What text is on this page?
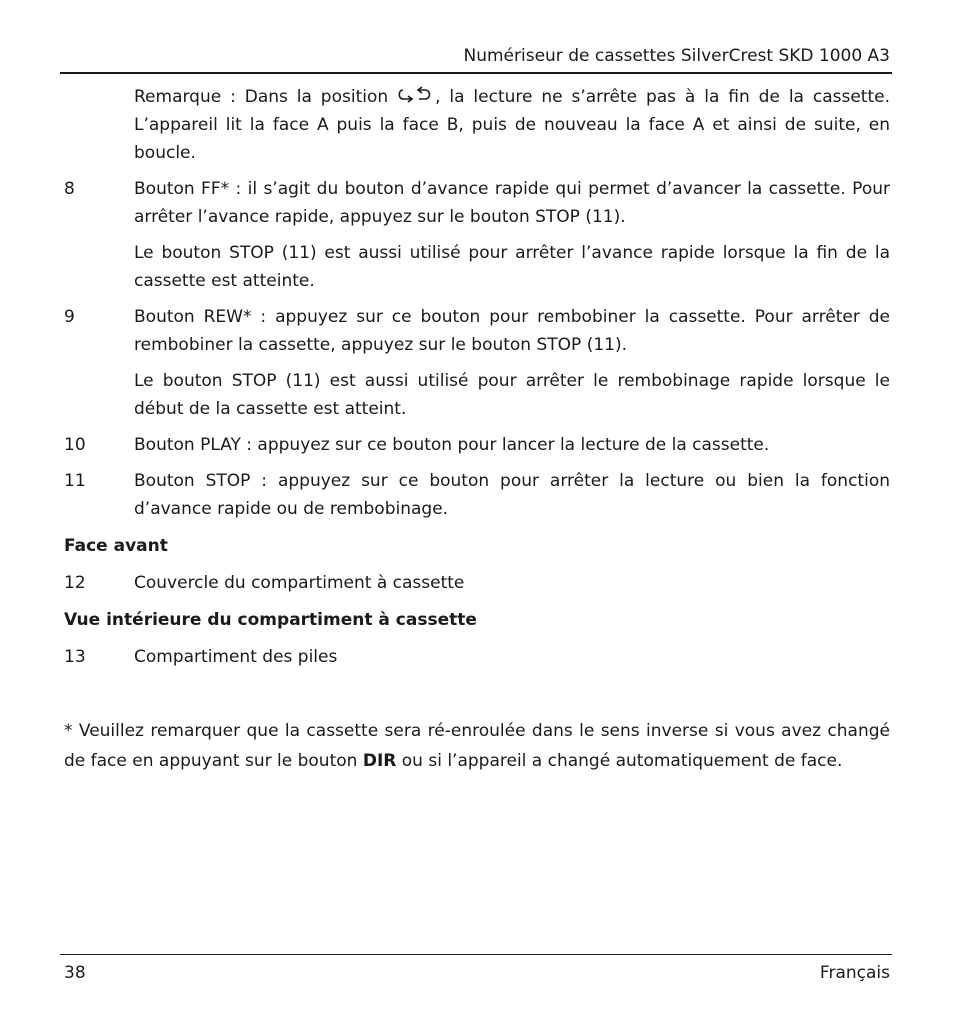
Numériseur de cassettes SilverCrest SKD 1000 A3
Remarque : Dans la position	, la lecture ne s’arrête pas à la fin de la cassette. L’appareil lit la face A puis la face B, puis de nouveau la face A et ainsi de suite, en boucle.
8	Bouton FF* : il s’agit du bouton d’avance rapide qui permet d’avancer la cassette. Pour arrêter l’avance rapide, appuyez sur le bouton STOP (11).
Le bouton STOP (11) est aussi utilisé pour arrêter l’avance rapide lorsque la fin de la cassette est atteinte.
9	Bouton REW* : appuyez sur ce bouton pour rembobiner la cassette. Pour arrêter de rembobiner la cassette, appuyez sur le bouton STOP (11).
Le bouton STOP (11) est aussi utilisé pour arrêter le rembobinage rapide lorsque le début de la cassette est atteint.
10	Bouton PLAY : appuyez sur ce bouton pour lancer la lecture de la cassette.
11	Bouton STOP : appuyez sur ce bouton pour arrêter la lecture ou bien la fonction d’avance rapide ou de rembobinage.
Face avant
12	Couvercle du compartiment à cassette
Vue intérieure du compartiment à cassette
13	Compartiment des piles
* Veuillez remarquer que la cassette sera ré-enroulée dans le sens inverse si vous avez changé de face en appuyant sur le bouton DIR ou si l’appareil a changé automatiquement de face.
38	Français
